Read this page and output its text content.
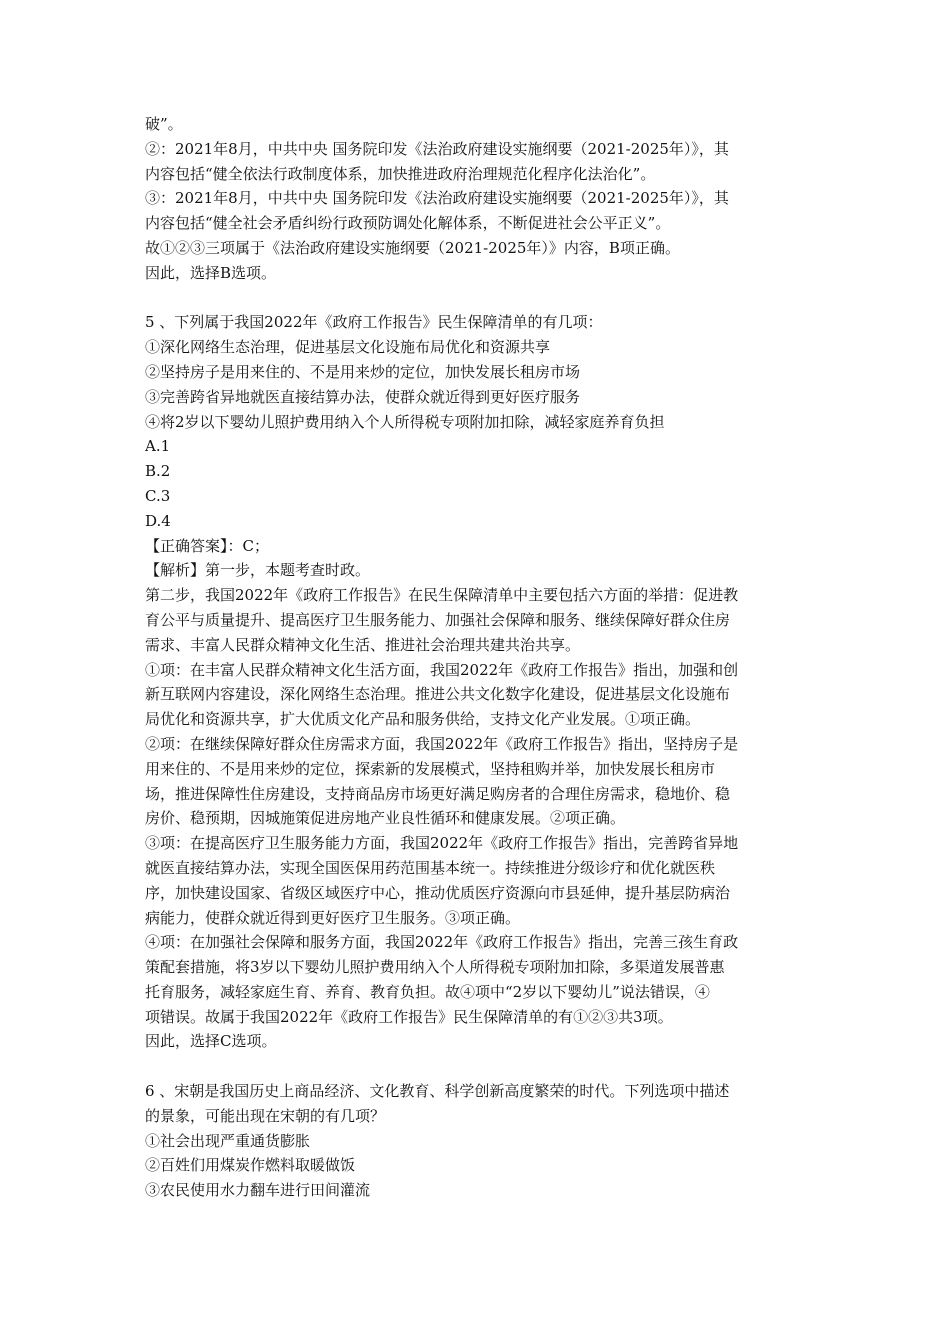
破”。
②：2021年8月，中共中央 国务院印发《法治政府建设实施纲要（2021-2025年）》，其
内容包括“健全依法行政制度体系，加快推进政府治理规范化程序化法治化”。
③：2021年8月，中共中央 国务院印发《法治政府建设实施纲要（2021-2025年）》，其
内容包括“健全社会矛盾纠纷行政预防调处化解体系，不断促进社会公平正义”。
故①②③三项属于《法治政府建设实施纲要（2021-2025年）》内容，B项正确。
因此，选择B选项。
5 、下列属于我国2022年《政府工作报告》民生保障清单的有几项：
①深化网络生态治理，促进基层文化设施布局优化和资源共享
②坚持房子是用来住的、不是用来炒的定位，加快发展长租房市场
③完善跨省异地就医直接结算办法，使群众就近得到更好医疗服务
④将2岁以下婴幼儿照护费用纳入个人所得税专项附加扣除，减轻家庭养育负担
A.1
B.2
C.3
D.4
【正确答案】：C；
【解析】第一步，本题考查时政。
第二步，我国2022年《政府工作报告》在民生保障清单中主要包括六方面的举措：促进教
育公平与质量提升、提高医疗卫生服务能力、加强社会保障和服务、继续保障好群众住房
需求、丰富人民群众精神文化生活、推进社会治理共建共治共享。
①项：在丰富人民群众精神文化生活方面，我国2022年《政府工作报告》指出，加强和创
新互联网内容建设，深化网络生态治理。推进公共文化数字化建设，促进基层文化设施布
局优化和资源共享，扩大优质文化产品和服务供给，支持文化产业发展。①项正确。
②项：在继续保障好群众住房需求方面，我国2022年《政府工作报告》指出，坚持房子是
用来住的、不是用来炒的定位，探索新的发展模式，坚持租购并举，加快发展长租房市
场，推进保障性住房建设，支持商品房市场更好满足购房者的合理住房需求，稳地价、稳
房价、稳预期，因城施策促进房地产业良性循环和健康发展。②项正确。
③项：在提高医疗卫生服务能力方面，我国2022年《政府工作报告》指出，完善跨省异地
就医直接结算办法，实现全国医保用药范围基本统一。持续推进分级诊疗和优化就医秩
序，加快建设国家、省级区域医疗中心，推动优质医疗资源向市县延伸，提升基层防病治
病能力，使群众就近得到更好医疗卫生服务。③项正确。
④项：在加强社会保障和服务方面，我国2022年《政府工作报告》指出，完善三孩生育政
策配套措施，将3岁以下婴幼儿照护费用纳入个人所得税专项附加扣除，多渠道发展普惠
托育服务，减轻家庭生育、养育、教育负担。故④项中“2岁以下婴幼儿”说法错误，④
项错误。故属于我国2022年《政府工作报告》民生保障清单的有①②③共3项。
因此，选择C选项。
6 、宋朝是我国历史上商品经济、文化教育、科学创新高度繁荣的时代。下列选项中描述
的景象，可能出现在宋朝的有几项？
①社会出现严重通货膨胀
②百姓们用煤炭作燃料取暖做饭
③农民使用水力翻车进行田间灌流
